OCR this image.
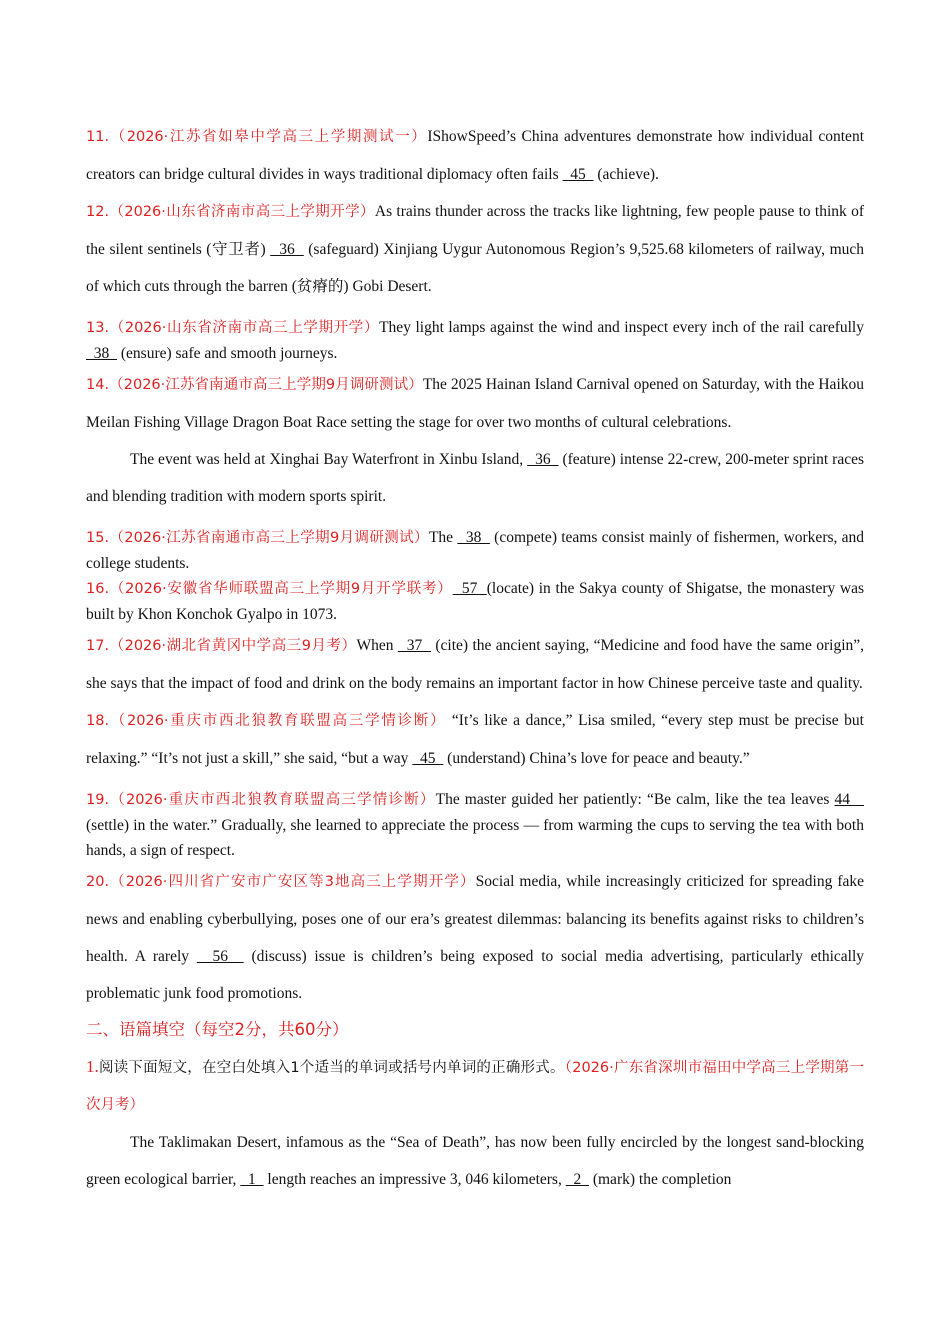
11.（2026·江苏省如皋中学高三上学期测试一）IShowSpeed’s China adventures demonstrate how individual content creators can bridge cultural divides in ways traditional diplomacy often fails   45   (achieve).

12.（2026·山东省济南市高三上学期开学）As trains thunder across the tracks like lightning, few people pause to think of the silent sentinels (守卫者)   36   (safeguard) Xinjiang Uygur Autonomous Region’s 9,525.68 kilometers of railway, much of which cuts through the barren (贫瘠的) Gobi Desert.

13.（2026·山东省济南市高三上学期开学）They light lamps against the wind and inspect every inch of the rail carefully   38   (ensure) safe and smooth journeys.

14.（2026·江苏省南通市高三上学期9月调研测试）The 2025 Hainan Island Carnival opened on Saturday, with the Haikou Meilan Fishing Village Dragon Boat Race setting the stage for over two months of cultural celebrations.

The event was held at Xinghai Bay Waterfront in Xinbu Island,   36   (feature) intense 22-crew, 200-meter sprint races and blending tradition with modern sports spirit.

15.（2026·江苏省南通市高三上学期9月调研测试）The   38   (compete) teams consist mainly of fishermen, workers, and college students.

16.（2026·安徽省华师联盟高三上学期9月开学联考）  57  (locate) in the Sakya county of Shigatse, the monastery was built by Khon Konchok Gyalpo in 1073.

17.（2026·湖北省黄冈中学高三9月考）When   37   (cite) the ancient saying, “Medicine and food have the same origin”, she says that the impact of food and drink on the body remains an important factor in how Chinese perceive taste and quality.

18.（2026·重庆市西北狼教育联盟高三学情诊断） “It’s like a dance,” Lisa smiled, “every step must be precise but relaxing.” “It’s not just a skill,” she said, “but a way   45   (understand) China’s love for peace and beauty.”

19.（2026·重庆市西北狼教育联盟高三学情诊断）The master guided her patiently: “Be calm, like the tea leaves 44    (settle) in the water.” Gradually, she learned to appreciate the process — from warming the cups to serving the tea with both hands, a sign of respect.

20.（2026·四川省广安市广安区等3地高三上学期开学）Social media, while increasingly criticized for spreading fake news and enabling cyberbullying, poses one of our era’s greatest dilemmas: balancing its benefits against risks to children’s health. A rarely   56   (discuss) issue is children’s being exposed to social media advertising, particularly ethically problematic junk food promotions.

二、语篇填空（每空2分，共60分）

1.阅读下面短文，在空白处填入1个适当的单词或括号内单词的正确形式。（2026·广东省深圳市福田中学高三上学期第一次月考）

The Taklimakan Desert, infamous as the “Sea of Death”, has now been fully encircled by the longest sand-blocking green ecological barrier,   1   length reaches an impressive 3, 046 kilometers,   2   (mark) the completion
